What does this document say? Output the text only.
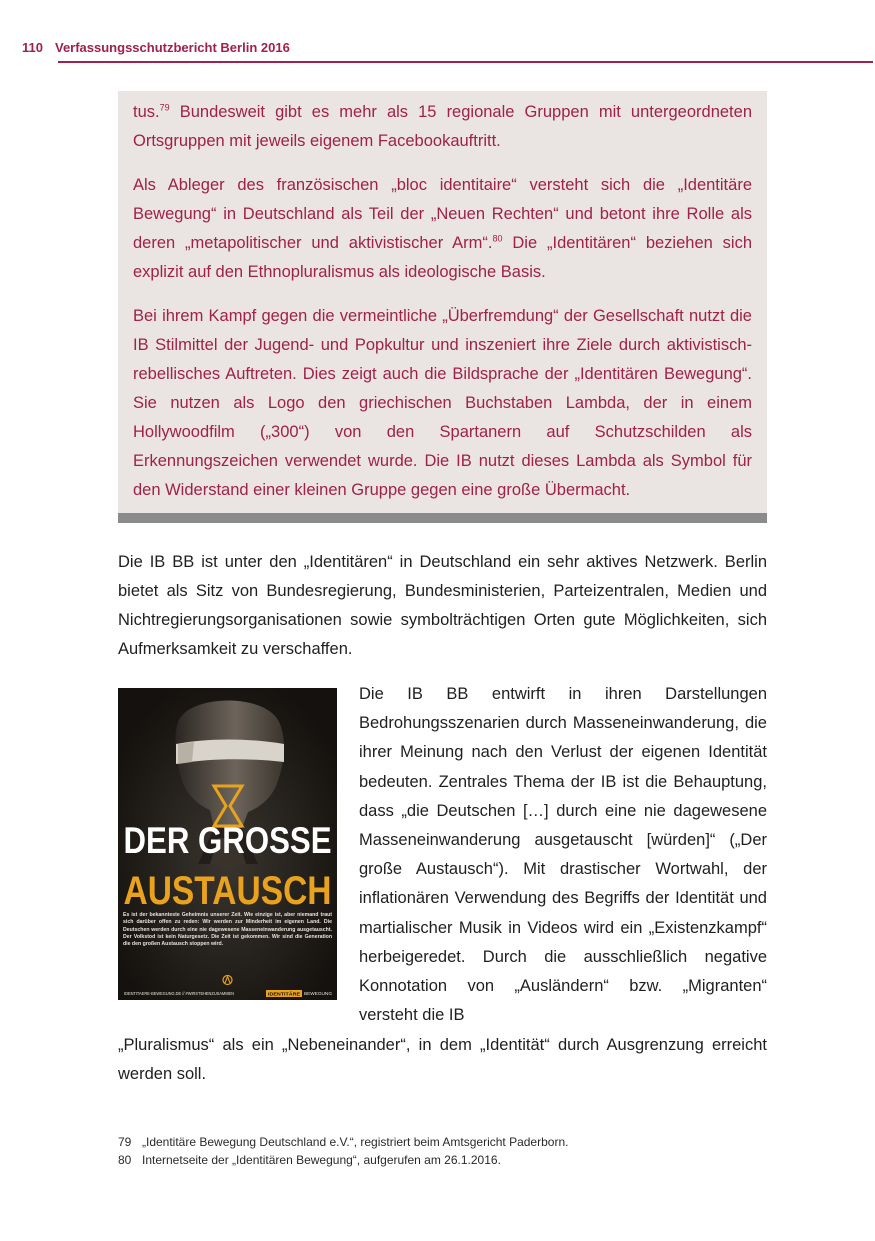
110 Verfassungsschutzbericht Berlin 2016

tus.$^{79}$ Bundesweit gibt es mehr als 15 regionale Gruppen mit untergeordneten Ortsgruppen mit jeweils eigenem Facebookauftritt.

Als Ableger des französischen „bloc identitaire“ versteht sich die „Identitäre Bewegung“ in Deutschland als Teil der „Neuen Rechten“ und betont ihre Rolle als deren „metapolitischer und aktivistischer Arm“.$^{80}$ Die „Identitären“ beziehen sich explizit auf den Ethnopluralismus als ideologische Basis.

Bei ihrem Kampf gegen die vermeintliche „Überfremdung“ der Gesellschaft nutzt die IB Stilmittel der Jugend- und Popkultur und inszeniert ihre Ziele durch aktivistisch-rebellisches Auftreten. Dies zeigt auch die Bildsprache der „Identitären Bewegung“. Sie nutzen als Logo den griechischen Buchstaben Lambda, der in einem Hollywoodfilm („300“) von den Spartanern auf Schutzschilden als Erkennungszeichen verwendet wurde. Die IB nutzt dieses Lambda als Symbol für den Widerstand einer kleinen Gruppe gegen eine große Übermacht.

Die IB BB ist unter den „Identitären“ in Deutschland ein sehr aktives Netzwerk. Berlin bietet als Sitz von Bundesregierung, Bundesministerien, Parteizentralen, Medien und Nichtregierungsorganisationen sowie symbolträchtigen Orten gute Möglichkeiten, sich Aufmerksamkeit zu verschaffen.

DER GROSSE
AUSTAUSCH
Es ist der bekannteste Geheimnis unserer Zeit. Wie einzige ist, aber niemand traut sich darüber offen zu reden: Wir werden zur Minderheit im eigenen Land. Die Deutschen werden durch eine nie dagewesene Masseneinwanderung ausgetauscht. Der Volkstod ist kein Naturgesetz. Die Zeit ist gekommen. Wir sind die Generation die den großen Austausch stoppen wird.
IDENTITAERE-BEWEGUNG.DE // #WIRSTEHENZUSAMMEN	IDENTITÄRE	BEWEGUNG

Die IB BB entwirft in ihren Darstellungen Bedrohungsszenarien durch Masseneinwanderung, die ihrer Meinung nach den Verlust der eigenen Identität bedeuten. Zentrales Thema der IB ist die Behauptung, dass „die Deutschen […] durch eine nie dagewesene Masseneinwanderung ausgetauscht [würden]“ („Der große Austausch“). Mit drastischer Wortwahl, der inflationären Verwendung des Begriffs der Identität und martialischer Musik in Videos wird ein „Existenzkampf“ herbeigeredet. Durch die ausschließlich negative Konnotation von „Ausländern“ bzw. „Migranten“ versteht die IB

„Pluralismus“ als ein „Nebeneinander“, in dem „Identität“ durch Ausgrenzung erreicht werden soll.

79 „Identitäre Bewegung Deutschland e.V.“, registriert beim Amtsgericht Paderborn.
80 Internetseite der „Identitären Bewegung“, aufgerufen am 26.1.2016.
